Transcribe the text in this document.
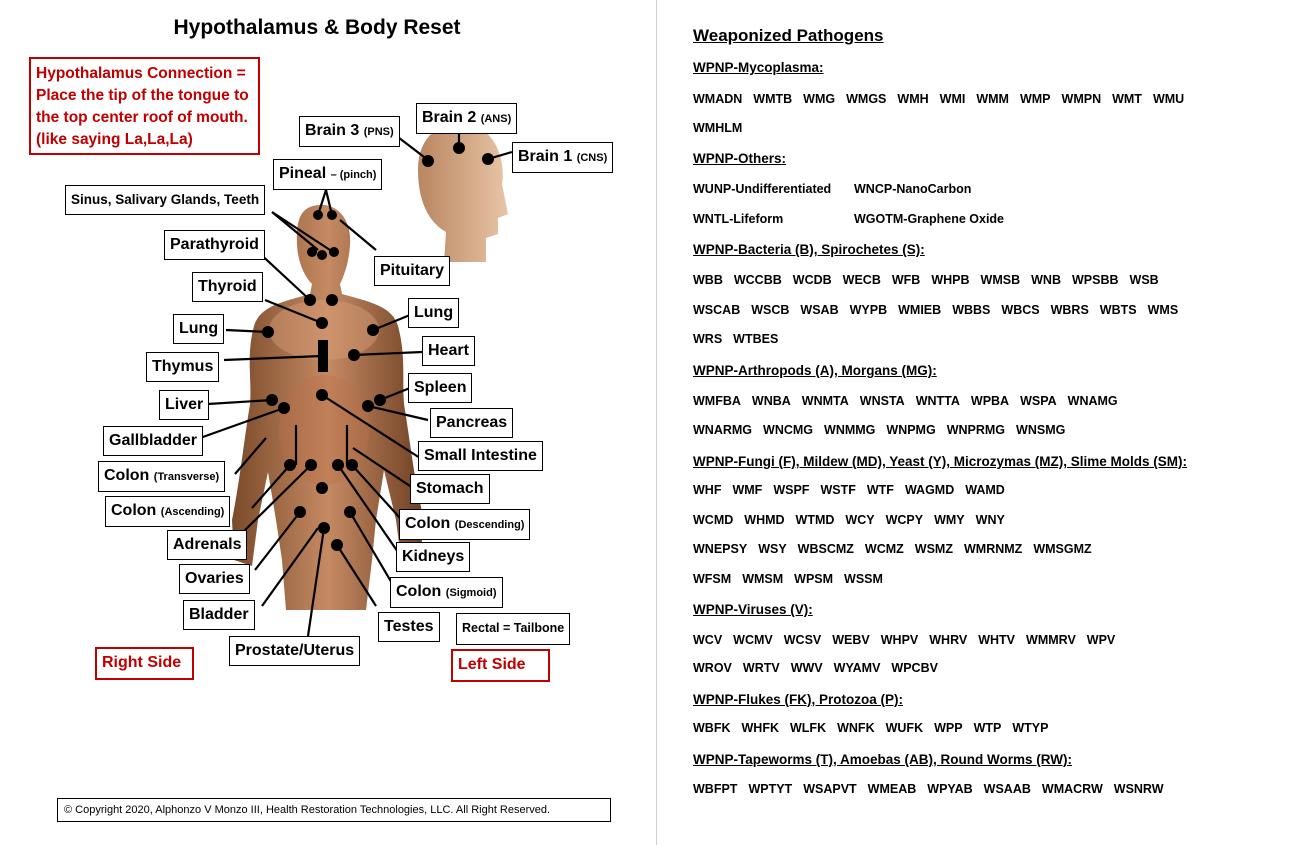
Hypothalamus & Body Reset
Hypothalamus Connection = Place the tip of the tongue to the top center roof of mouth. (like saying La,La,La)
Brain 3 (PNS)
Brain 2 (ANS)
Brain 1 (CNS)
Pineal – (pinch)
Sinus, Salivary Glands, Teeth
Parathyroid
Pituitary
Thyroid
Lung
Lung
Heart
Thymus
Spleen
Liver
Pancreas
Gallbladder
Small Intestine
Colon (Transverse)
Stomach
Colon (Ascending)
Colon (Descending)
Adrenals
Kidneys
Ovaries
Colon (Sigmoid)
Bladder
Testes	Rectal = Tailbone
Prostate/Uterus
Right Side	Left Side
© Copyright 2020, Alphonzo V Monzo III, Health Restoration Technologies, LLC. All Right Reserved.
Weaponized Pathogens
WPNP-Mycoplasma:
WMADN WMTB WMG WMGS WMH WMI WMM WMP WMPN WMT WMU
WMHLM
WPNP-Others:
WUNP-Undifferentiated WNCP-NanoCarbon
WNTL-Lifeform	WGOTM-Graphene Oxide
WPNP-Bacteria (B), Spirochetes (S):
WBB WCCBB WCDB WECB WFB WHPB WMSB WNB WPSBB WSB
WSCAB WSCB WSAB WYPB WMIEB WBBS WBCS WBRS WBTS WMS
WRS WTBES
WPNP-Arthropods (A), Morgans (MG):
WMFBA WNBA WNMTA WNSTA WNTTA WPBA WSPA WNAMG
WNARMG WNCMG WNMMG WNPMG WNPRMG WNSMG
WPNP-Fungi (F), Mildew (MD), Yeast (Y), Microzymas (MZ), Slime Molds (SM):
WHF WMF WSPF WSTF WTF WAGMD WAMD
WCMD WHMD WTMD WCY WCPY WMY WNY
WNEPSY WSY WBSCMZ WCMZ WSMZ WMRNMZ WMSGMZ
WFSM WMSM WPSM WSSM
WPNP-Viruses (V):
WCV WCMV WCSV WEBV WHPV WHRV WHTV WMMRV WPV
WROV WRTV WWV WYAMV WPCBV
WPNP-Flukes (FK), Protozoa (P):
WBFK WHFK WLFK WNFK WUFK WPP WTP WTYP
WPNP-Tapeworms (T), Amoebas (AB), Round Worms (RW):
WBFPT WPTYT WSAPVT WMEAB WPYAB WSAAB WMACRW WSNRW
